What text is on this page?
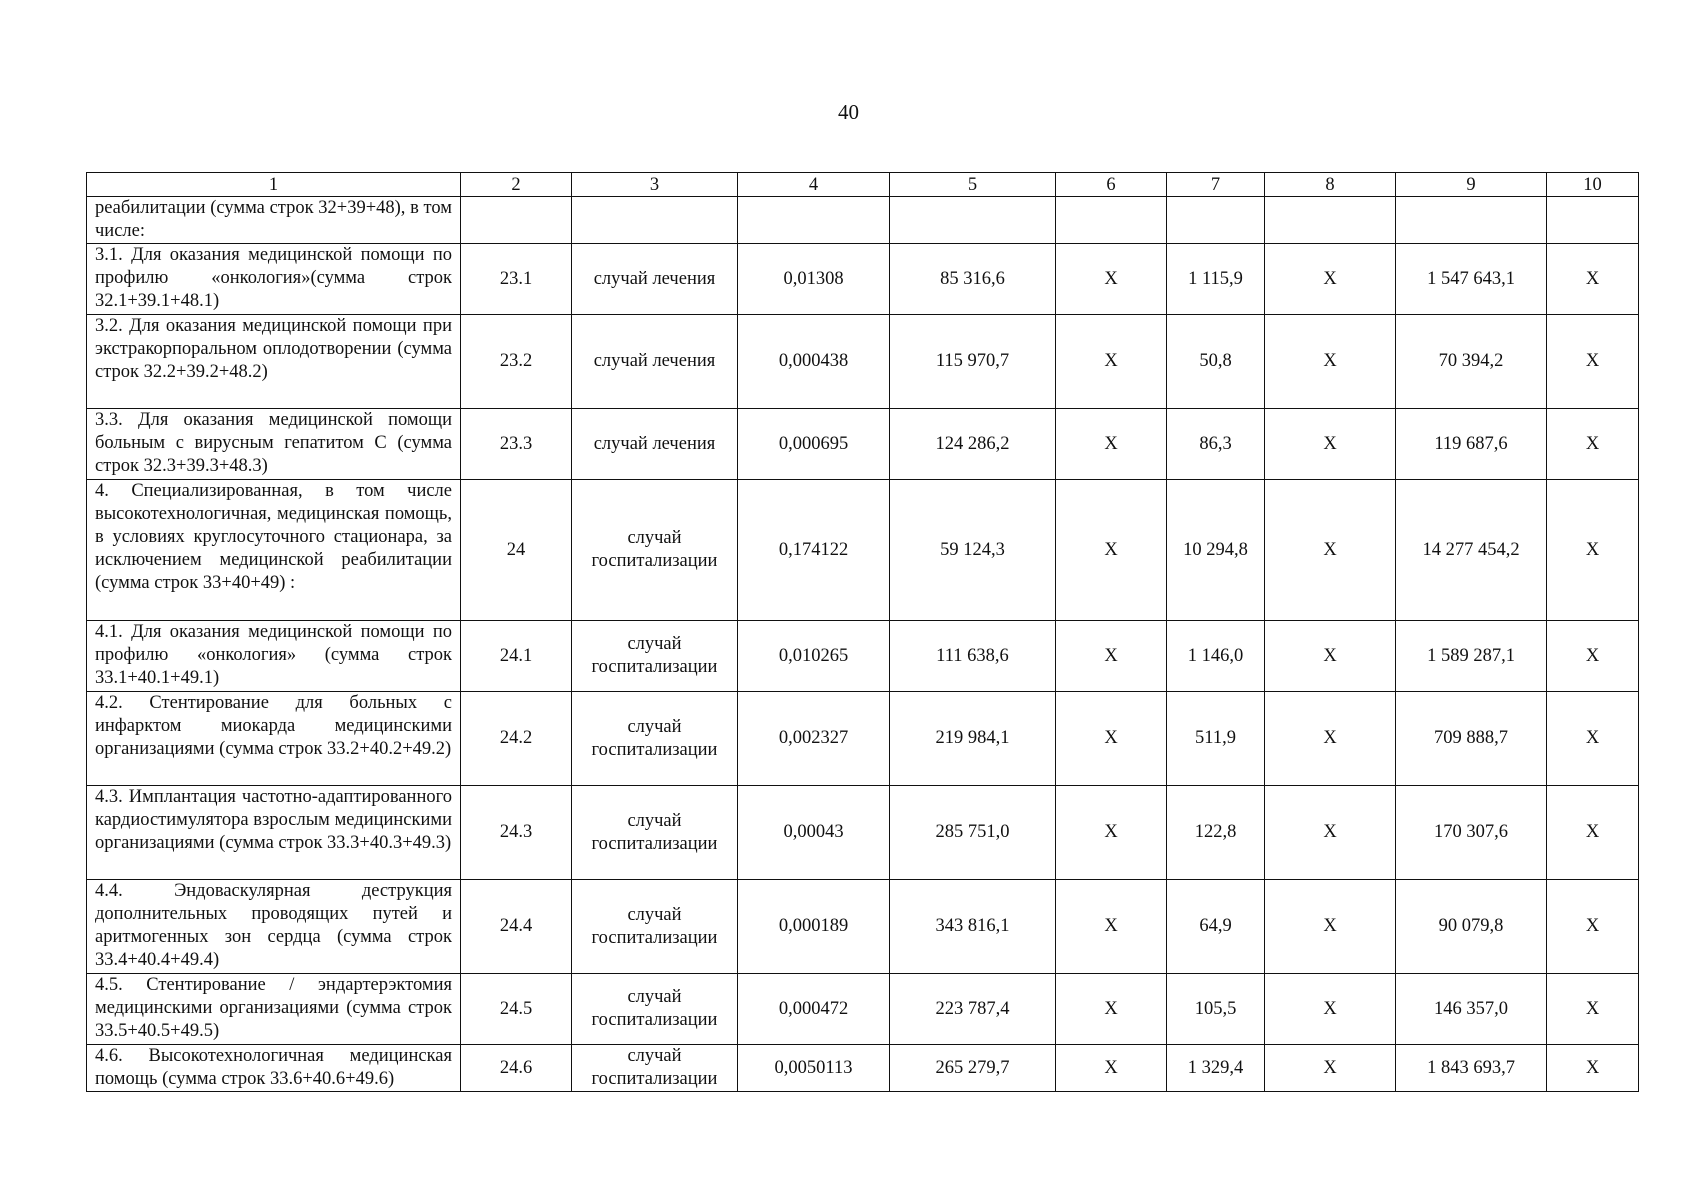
40
1	2	3	4	5	6	7	8	9	10
реабилитации (сумма строк 32+39+48), в том числе:									
3.1. Для оказания медицинской помощи по профилю «онкология»(сумма строк 32.1+39.1+48.1)	23.1	случай лечения	0,01308	85 316,6	Х	1 115,9	Х	1 547 643,1	Х
3.2. Для оказания медицинской помощи при экстракорпоральном оплодотворении (сумма строк 32.2+39.2+48.2)	23.2	случай лечения	0,000438	115 970,7	Х	50,8	Х	70 394,2	Х
3.3. Для оказания медицинской помощи больным с вирусным гепатитом С (сумма строк 32.3+39.3+48.3)	23.3	случай лечения	0,000695	124 286,2	Х	86,3	Х	119 687,6	Х
4. Специализированная, в том числе высокотехнологичная, медицинская помощь, в условиях круглосуточного стационара, за исключением медицинской реабилитации (сумма строк 33+40+49) :	24	случай госпитализации	0,174122	59 124,3	Х	10 294,8	Х	14 277 454,2	Х
4.1. Для оказания медицинской помощи по профилю «онкология» (сумма строк 33.1+40.1+49.1)	24.1	случай госпитализации	0,010265	111 638,6	Х	1 146,0	Х	1 589 287,1	Х
4.2. Стентирование для больных с инфарктом миокарда медицинскими организациями (сумма строк 33.2+40.2+49.2)	24.2	случай госпитализации	0,002327	219 984,1	Х	511,9	Х	709 888,7	Х
4.3. Имплантация частотно-адаптированного кардиостимулятора взрослым медицинскими организациями (сумма строк 33.3+40.3+49.3)	24.3	случай госпитализации	0,00043	285 751,0	Х	122,8	Х	170 307,6	Х
4.4. Эндоваскулярная деструкция дополнительных проводящих путей и аритмогенных зон сердца (сумма строк 33.4+40.4+49.4)	24.4	случай госпитализации	0,000189	343 816,1	Х	64,9	Х	90 079,8	Х
4.5. Стентирование / эндартерэктомия медицинскими организациями (сумма строк 33.5+40.5+49.5)	24.5	случай госпитализации	0,000472	223 787,4	Х	105,5	Х	146 357,0	Х
4.6. Высокотехнологичная медицинская помощь (сумма строк 33.6+40.6+49.6)	24.6	случай госпитализации	0,0050113	265 279,7	Х	1 329,4	Х	1 843 693,7	Х
